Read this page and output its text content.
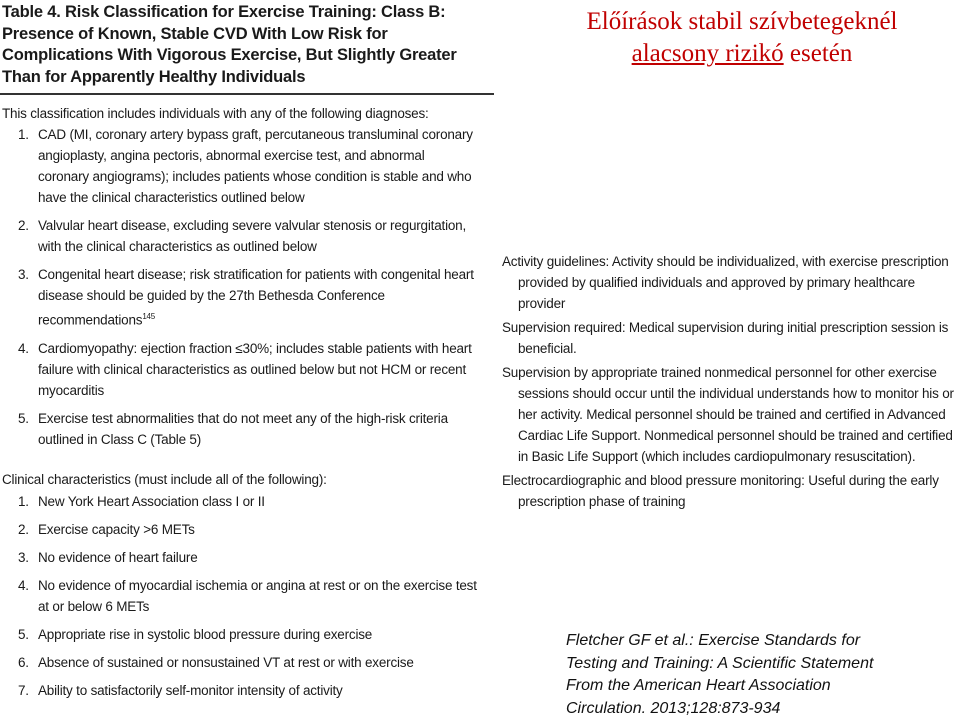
Table 4. Risk Classification for Exercise Training: Class B: Presence of Known, Stable CVD With Low Risk for Complications With Vigorous Exercise, But Slightly Greater Than for Apparently Healthy Individuals
This classification includes individuals with any of the following diagnoses:
1. CAD (MI, coronary artery bypass graft, percutaneous transluminal coronary angioplasty, angina pectoris, abnormal exercise test, and abnormal coronary angiograms); includes patients whose condition is stable and who have the clinical characteristics outlined below
2. Valvular heart disease, excluding severe valvular stenosis or regurgitation, with the clinical characteristics as outlined below
3. Congenital heart disease; risk stratification for patients with congenital heart disease should be guided by the 27th Bethesda Conference recommendations$^{145}$
4. Cardiomyopathy: ejection fraction ≤30%; includes stable patients with heart failure with clinical characteristics as outlined below but not HCM or recent myocarditis
5. Exercise test abnormalities that do not meet any of the high-risk criteria outlined in Class C (Table 5)
Clinical characteristics (must include all of the following):
1. New York Heart Association class I or II
2. Exercise capacity >6 METs
3. No evidence of heart failure
4. No evidence of myocardial ischemia or angina at rest or on the exercise test at or below 6 METs
5. Appropriate rise in systolic blood pressure during exercise
6. Absence of sustained or nonsustained VT at rest or with exercise
7. Ability to satisfactorily self-monitor intensity of activity
Előírások stabil szívbetegeknél
alacsony rizikó esetén
Activity guidelines: Activity should be individualized, with exercise prescription provided by qualified individuals and approved by primary healthcare provider
Supervision required: Medical supervision during initial prescription session is beneficial.
Supervision by appropriate trained nonmedical personnel for other exercise sessions should occur until the individual understands how to monitor his or her activity. Medical personnel should be trained and certified in Advanced Cardiac Life Support. Nonmedical personnel should be trained and certified in Basic Life Support (which includes cardiopulmonary resuscitation).
Electrocardiographic and blood pressure monitoring: Useful during the early prescription phase of training
Fletcher GF et al.: Exercise Standards for
Testing and Training: A Scientific Statement
From the American Heart Association
Circulation. 2013;128:873-934
